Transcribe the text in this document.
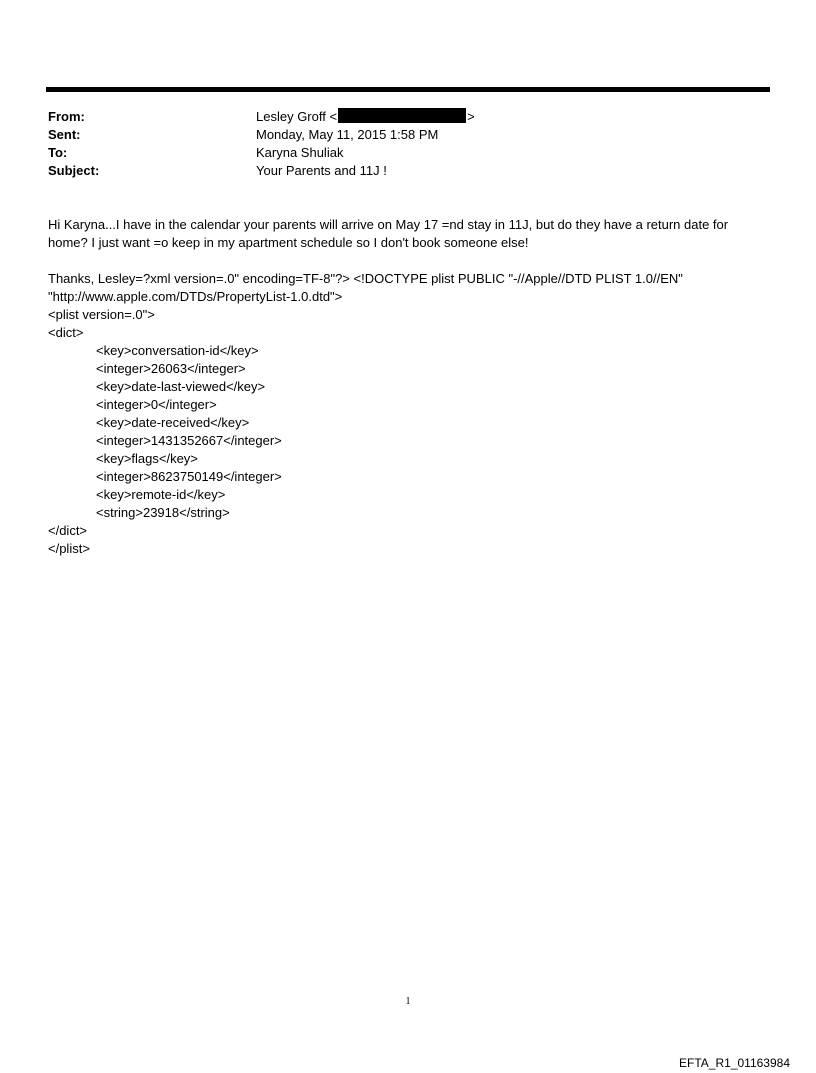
From:	Lesley Groff <	>
Sent:	Monday, May 11, 2015 1:58 PM
To:	Karyna Shuliak
Subject:	Your Parents and 11J !

Hi Karyna...I have in the calendar your parents will arrive on May 17 =nd stay in 11J, but do they have a return date for home? I just want =o keep in my apartment schedule so I don't book someone else!

Thanks, Lesley=?xml version=.0" encoding=TF-8"?> <!DOCTYPE plist PUBLIC "-//Apple//DTD PLIST 1.0//EN"
"http://www.apple.com/DTDs/PropertyList-1.0.dtd">
<plist version=.0">
<dict>
<key>conversation-id</key>
<integer>26063</integer>
<key>date-last-viewed</key>
<integer>0</integer>
<key>date-received</key>
<integer>1431352667</integer>
<key>flags</key>
<integer>8623750149</integer>
<key>remote-id</key>
<string>23918</string>
</dict>
</plist>
1
EFTA_R1_01163984
